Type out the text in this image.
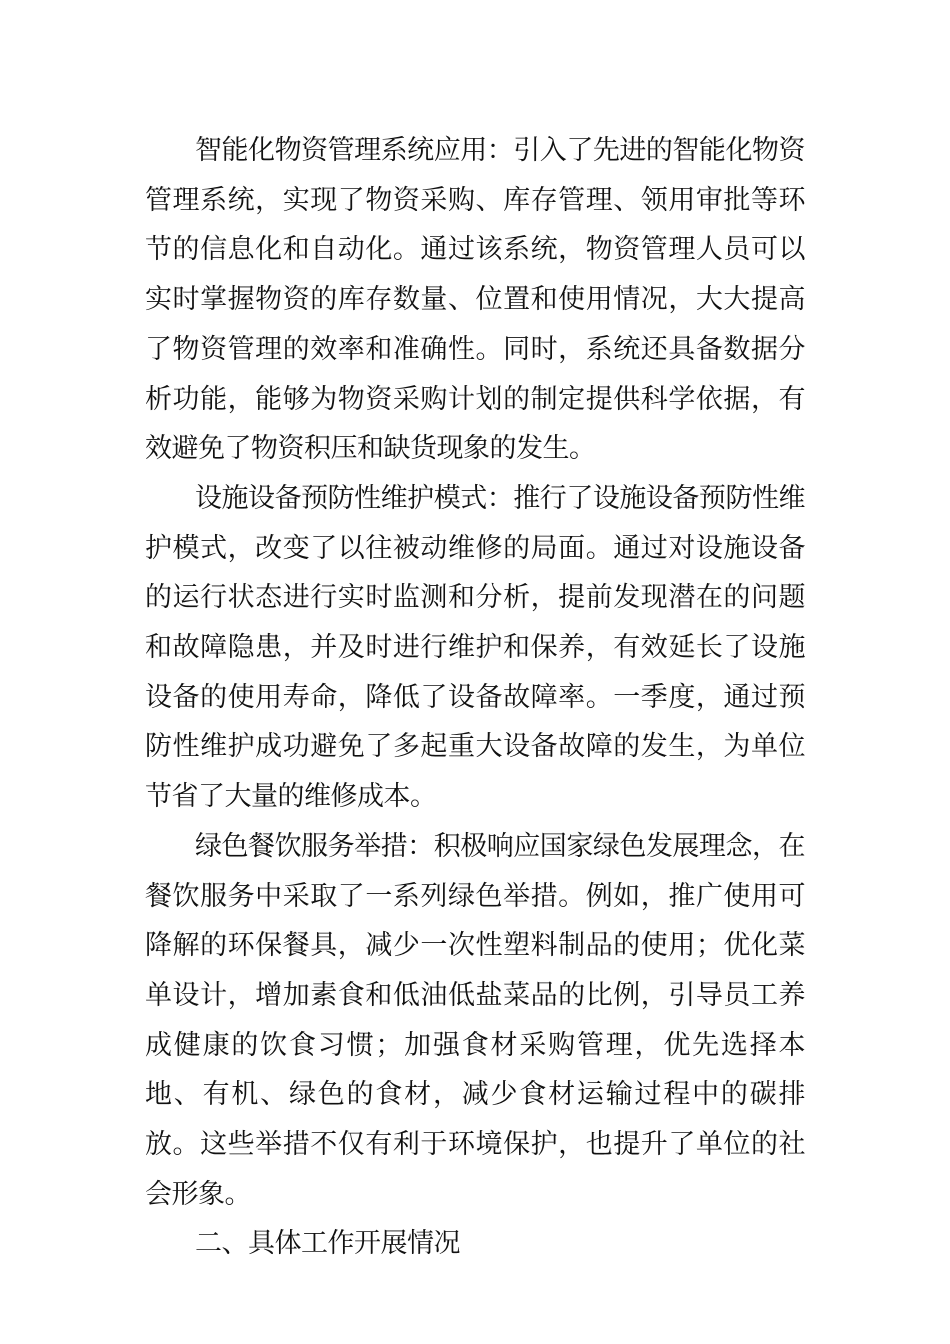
智能化物资管理系统应用：引入了先进的智能化物资管理系统，实现了物资采购、库存管理、领用审批等环节的信息化和自动化。通过该系统，物资管理人员可以实时掌握物资的库存数量、位置和使用情况，大大提高了物资管理的效率和准确性。同时，系统还具备数据分析功能，能够为物资采购计划的制定提供科学依据，有效避免了物资积压和缺货现象的发生。

设施设备预防性维护模式：推行了设施设备预防性维护模式，改变了以往被动维修的局面。通过对设施设备的运行状态进行实时监测和分析，提前发现潜在的问题和故障隐患，并及时进行维护和保养，有效延长了设施设备的使用寿命，降低了设备故障率。一季度，通过预防性维护成功避免了多起重大设备故障的发生，为单位节省了大量的维修成本。

绿色餐饮服务举措：积极响应国家绿色发展理念，在餐饮服务中采取了一系列绿色举措。例如，推广使用可降解的环保餐具，减少一次性塑料制品的使用；优化菜单设计，增加素食和低油低盐菜品的比例，引导员工养成健康的饮食习惯；加强食材采购管理，优先选择本地、有机、绿色的食材，减少食材运输过程中的碳排放。这些举措不仅有利于环境保护，也提升了单位的社会形象。

二、具体工作开展情况
